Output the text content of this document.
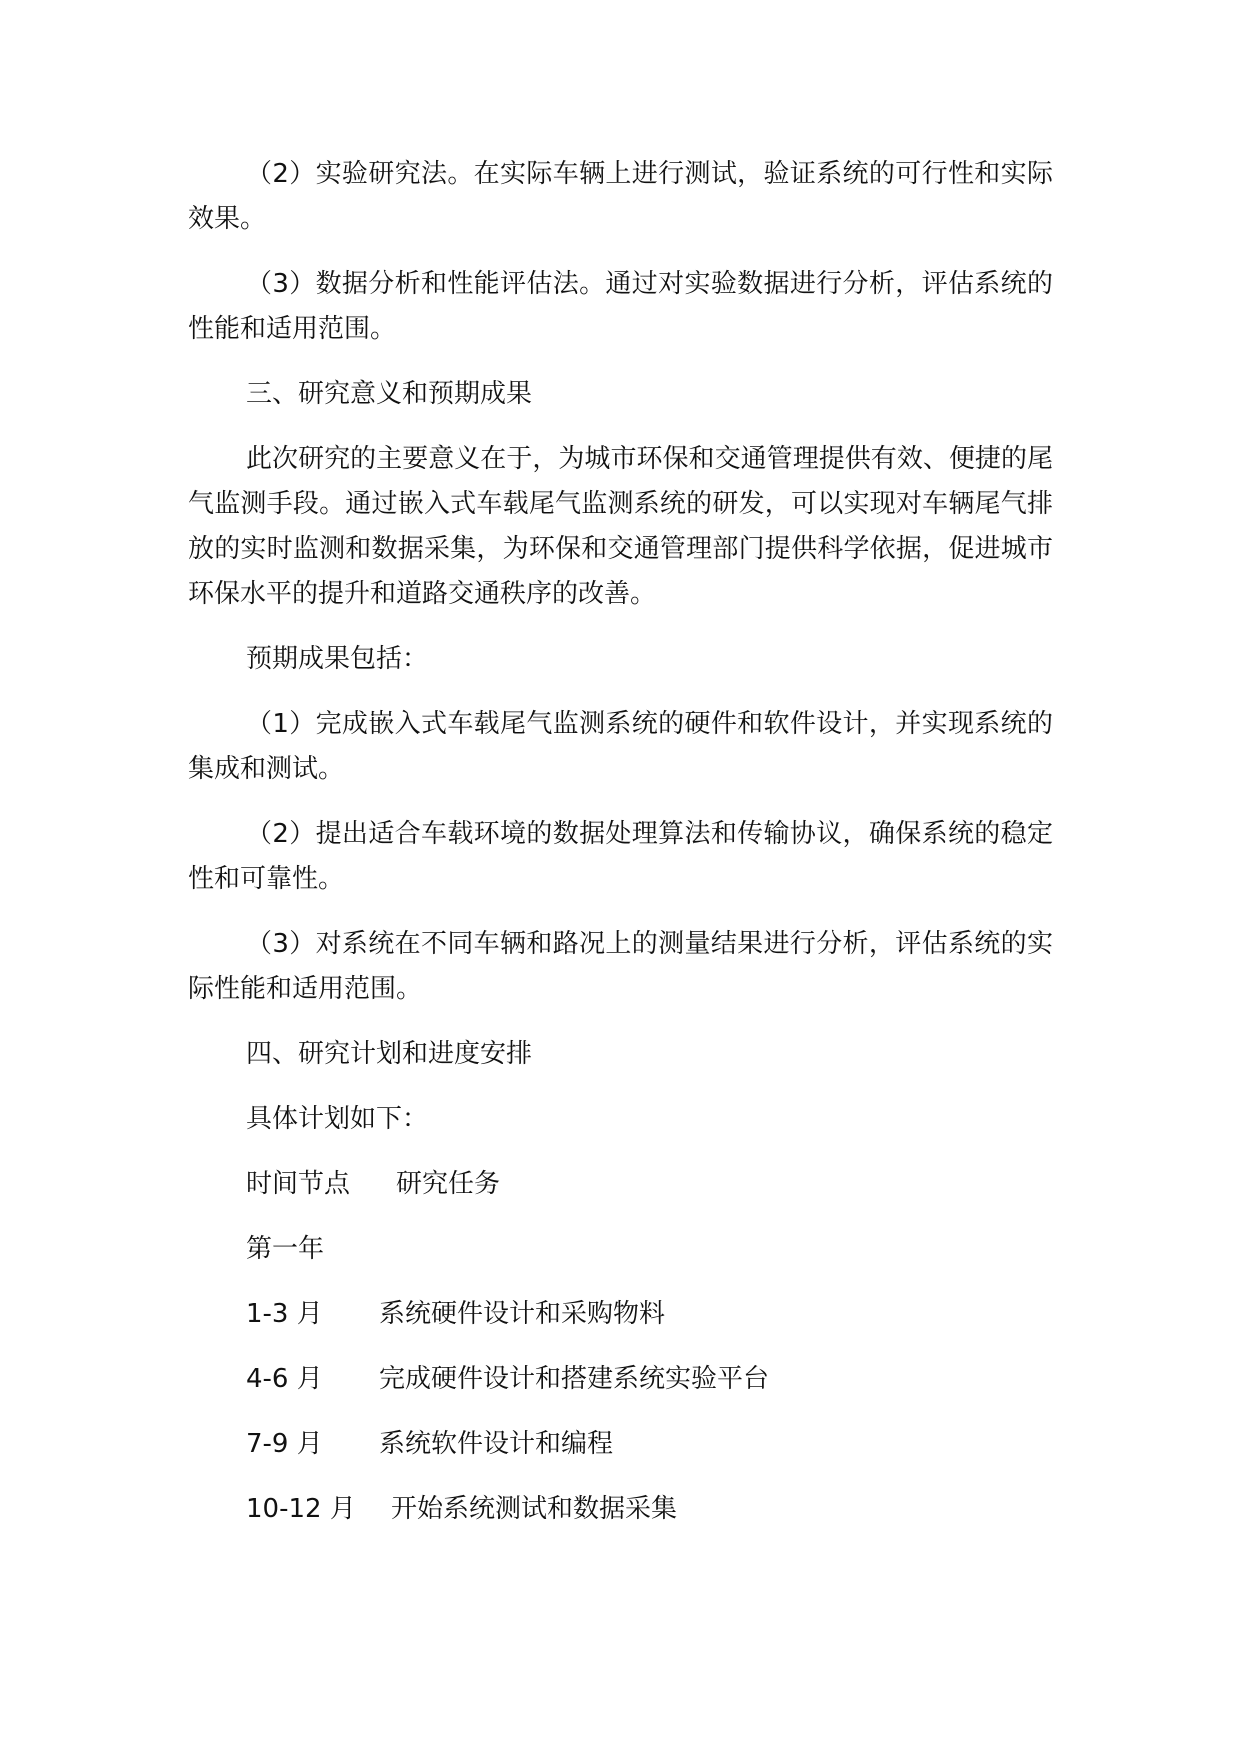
（2）实验研究法。在实际车辆上进行测试，验证系统的可行性和实际效果。

（3）数据分析和性能评估法。通过对实验数据进行分析，评估系统的性能和适用范围。

三、研究意义和预期成果

此次研究的主要意义在于，为城市环保和交通管理提供有效、便捷的尾气监测手段。通过嵌入式车载尾气监测系统的研发，可以实现对车辆尾气排放的实时监测和数据采集，为环保和交通管理部门提供科学依据，促进城市环保水平的提升和道路交通秩序的改善。

预期成果包括：

（1）完成嵌入式车载尾气监测系统的硬件和软件设计，并实现系统的集成和测试。

（2）提出适合车载环境的数据处理算法和传输协议，确保系统的稳定性和可靠性。

（3）对系统在不同车辆和路况上的测量结果进行分析，评估系统的实际性能和适用范围。

四、研究计划和进度安排

具体计划如下：

时间节点 研究任务
第一年
1-3 月 系统硬件设计和采购物料
4-6 月 完成硬件设计和搭建系统实验平台
7-9 月 系统软件设计和编程
10-12 月 开始系统测试和数据采集
